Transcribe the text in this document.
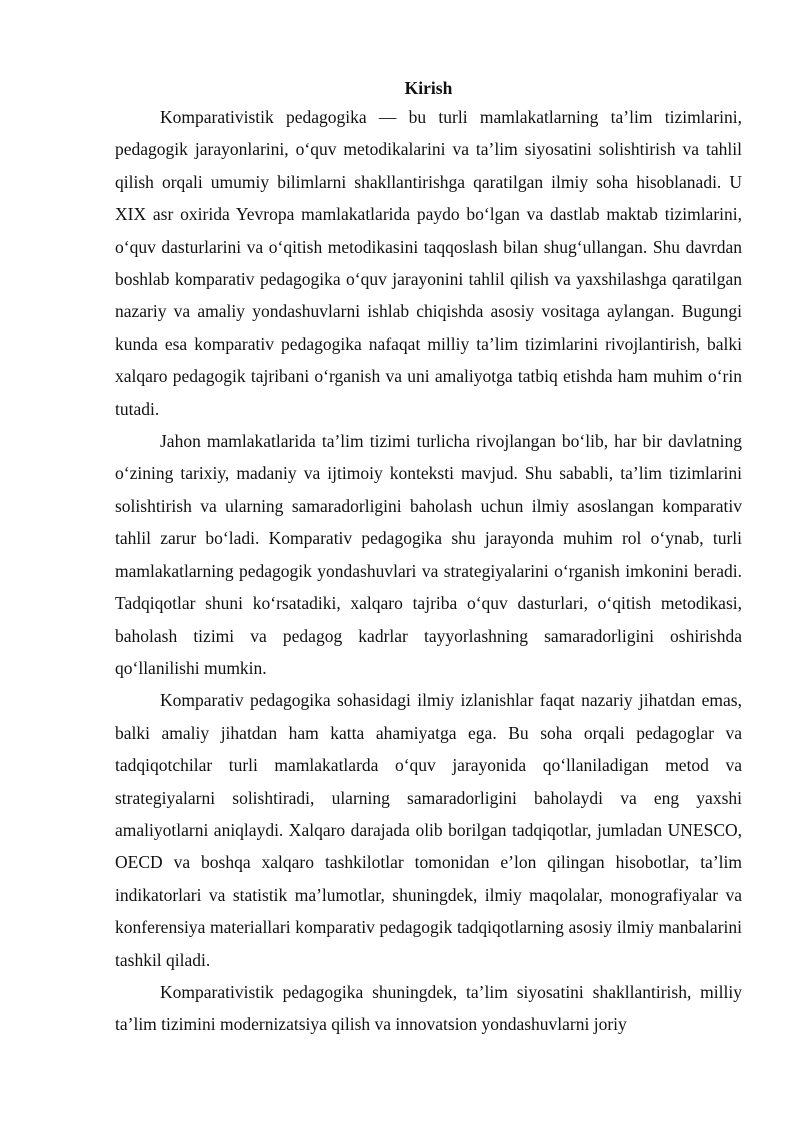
Kirish

Komparativistik pedagogika — bu turli mamlakatlarning ta’lim tizimlarini, pedagogik jarayonlarini, o‘quv metodikalarini va ta’lim siyosatini solishtirish va tahlil qilish orqali umumiy bilimlarni shakllantirishga qaratilgan ilmiy soha hisoblanadi. U XIX asr oxirida Yevropa mamlakatlarida paydo bo‘lgan va dastlab maktab tizimlarini, o‘quv dasturlarini va o‘qitish metodikasini taqqoslash bilan shug‘ullangan. Shu davrdan boshlab komparativ pedagogika o‘quv jarayonini tahlil qilish va yaxshilashga qaratilgan nazariy va amaliy yondashuvlarni ishlab chiqishda asosiy vositaga aylangan. Bugungi kunda esa komparativ pedagogika nafaqat milliy ta’lim tizimlarini rivojlantirish, balki xalqaro pedagogik tajribani o‘rganish va uni amaliyotga tatbiq etishda ham muhim o‘rin tutadi.

Jahon mamlakatlarida ta’lim tizimi turlicha rivojlangan bo‘lib, har bir davlatning o‘zining tarixiy, madaniy va ijtimoiy konteksti mavjud. Shu sababli, ta’lim tizimlarini solishtirish va ularning samaradorligini baholash uchun ilmiy asoslangan komparativ tahlil zarur bo‘ladi. Komparativ pedagogika shu jarayonda muhim rol o‘ynab, turli mamlakatlarning pedagogik yondashuvlari va strategiyalarini o‘rganish imkonini beradi. Tadqiqotlar shuni ko‘rsatadiki, xalqaro tajriba o‘quv dasturlari, o‘qitish metodikasi, baholash tizimi va pedagog kadrlar tayyorlashning samaradorligini oshirishda qo‘llanilishi mumkin.

Komparativ pedagogika sohasidagi ilmiy izlanishlar faqat nazariy jihatdan emas, balki amaliy jihatdan ham katta ahamiyatga ega. Bu soha orqali pedagoglar va tadqiqotchilar turli mamlakatlarda o‘quv jarayonida qo‘llaniladigan metod va strategiyalarni solishtiradi, ularning samaradorligini baholaydi va eng yaxshi amaliyotlarni aniqlaydi. Xalqaro darajada olib borilgan tadqiqotlar, jumladan UNESCO, OECD va boshqa xalqaro tashkilotlar tomonidan e’lon qilingan hisobotlar, ta’lim indikatorlari va statistik ma’lumotlar, shuningdek, ilmiy maqolalar, monografiyalar va konferensiya materiallari komparativ pedagogik tadqiqotlarning asosiy ilmiy manbalarini tashkil qiladi.

Komparativistik pedagogika shuningdek, ta’lim siyosatini shakllantirish, milliy ta’lim tizimini modernizatsiya qilish va innovatsion yondashuvlarni joriy
